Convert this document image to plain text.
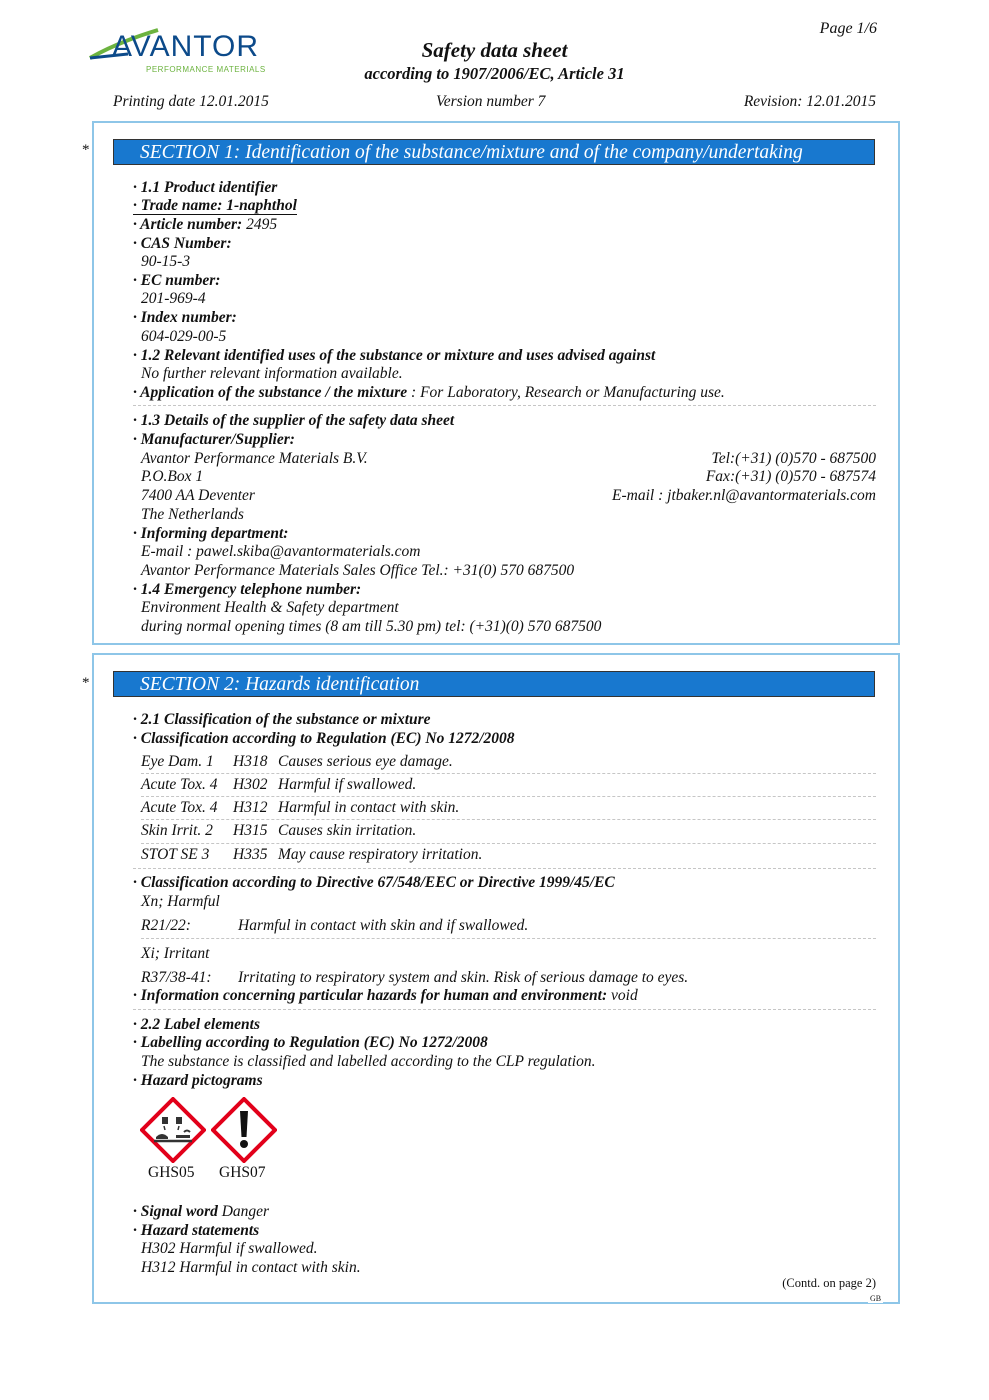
AVANTOR
PERFORMANCE MATERIALS
Page 1/6
Safety data sheet
according to 1907/2006/EC, Article 31
Printing date 12.01.2015	Version number 7	Revision: 12.01.2015
*	SECTION 1: Identification of the substance/mixture and of the company/undertaking
· 1.1 Product identifier
· Trade name: 1-naphthol
· Article number: 2495
· CAS Number:
90-15-3
· EC number:
201-969-4
· Index number:
604-029-00-5
· 1.2 Relevant identified uses of the substance or mixture and uses advised against
No further relevant information available.
· Application of the substance / the mixture : For Laboratory, Research or Manufacturing use.
· 1.3 Details of the supplier of the safety data sheet
· Manufacturer/Supplier:
Avantor Performance Materials B.V.
P.O.Box 1
7400 AA Deventer
The Netherlands
Tel:(+31) (0)570 - 687500
Fax:(+31) (0)570 - 687574
E-mail : jtbaker.nl@avantormaterials.com
· Informing department:
E-mail : pawel.skiba@avantormaterials.com
Avantor Performance Materials Sales Office Tel.: +31(0) 570 687500
· 1.4 Emergency telephone number:
Environment Health & Safety department
during normal opening times (8 am till 5.30 pm) tel: (+31)(0) 570 687500
*	SECTION 2: Hazards identification
· 2.1 Classification of the substance or mixture
· Classification according to Regulation (EC) No 1272/2008
Eye Dam. 1 H318 Causes serious eye damage.
Acute Tox. 4 H302 Harmful if swallowed.
Acute Tox. 4 H312 Harmful in contact with skin.
Skin Irrit. 2 H315 Causes skin irritation.
STOT SE 3 H335 May cause respiratory irritation.
· Classification according to Directive 67/548/EEC or Directive 1999/45/EC
Xn; Harmful
R21/22:	Harmful in contact with skin and if swallowed.
Xi; Irritant
R37/38-41: Irritating to respiratory system and skin. Risk of serious damage to eyes.
· Information concerning particular hazards for human and environment: void
· 2.2 Label elements
· Labelling according to Regulation (EC) No 1272/2008
The substance is classified and labelled according to the CLP regulation.
· Hazard pictograms
GHS05 GHS07
· Signal word Danger
· Hazard statements
H302 Harmful if swallowed.
H312 Harmful in contact with skin.
(Contd. on page 2)
GB
